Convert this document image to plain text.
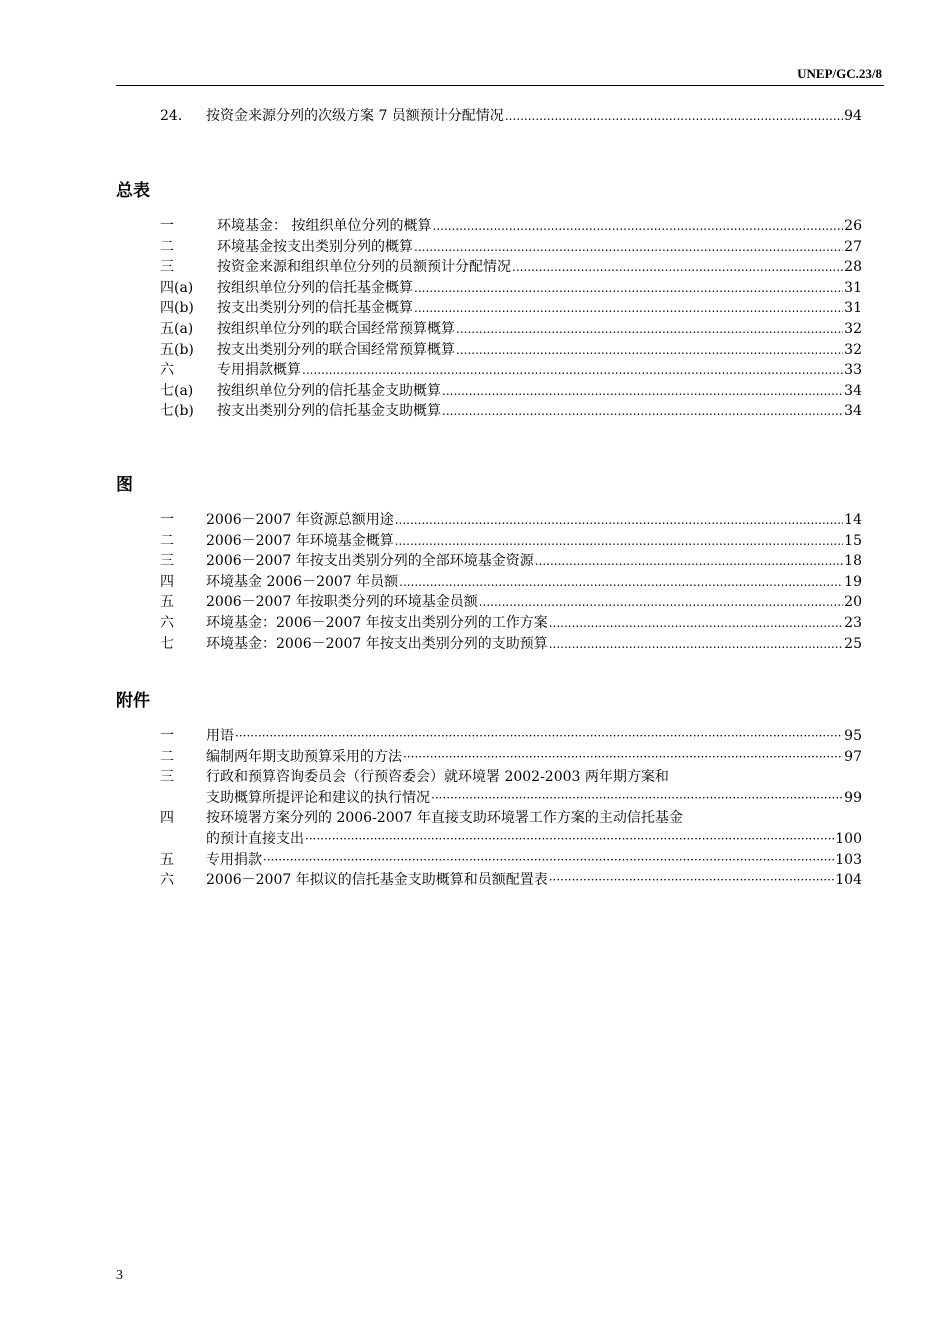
UNEP/GC.23/8
24. 按资金来源分列的次级方案 7 员额预计分配情况 .....	94
总表
一	环境基金： 按组织单位分列的概算 .....	26
二	环境基金按支出类别分列的概算 .....	27
三	按资金来源和组织单位分列的员额预计分配情况 .....	28
四(a) 按组织单位分列的信托基金概算 .....	31
四(b) 按支出类别分列的信托基金概算 .....	31
五(a) 按组织单位分列的联合国经常预算概算 .....	32
五(b) 按支出类别分列的联合国经常预算概算 .....	32
六	专用捐款概算 .....	33
七(a) 按组织单位分列的信托基金支助概算 .....	34
七(b) 按支出类别分列的信托基金支助概算 .....	34
图
一 2006－2007 年资源总额用途 .....	14
二 2006－2007 年环境基金概算 .....	15
三 2006－2007 年按支出类别分列的全部环境基金资源 .....	18
四 环境基金 2006－2007 年员额 .....	19
五 2006－2007 年按职类分列的环境基金员额 .....	20
六 环境基金：2006－2007 年按支出类别分列的工作方案 .....	23
七 环境基金：2006－2007 年按支出类别分列的支助预算 .....	25
附件
一 用语 ·····	95
二 编制两年期支助预算采用的方法 ·····	97
三 行政和预算咨询委员会（行预咨委会）就环境署 2002-2003 两年期方案和
支助概算所提评论和建议的执行情况 ·····	99
四 按环境署方案分列的 2006-2007 年直接支助环境署工作方案的主动信托基金
的预计直接支出 ·····	100
五 专用捐款 ·····	103
六 2006－2007 年拟议的信托基金支助概算和员额配置表 ·····	104
3
